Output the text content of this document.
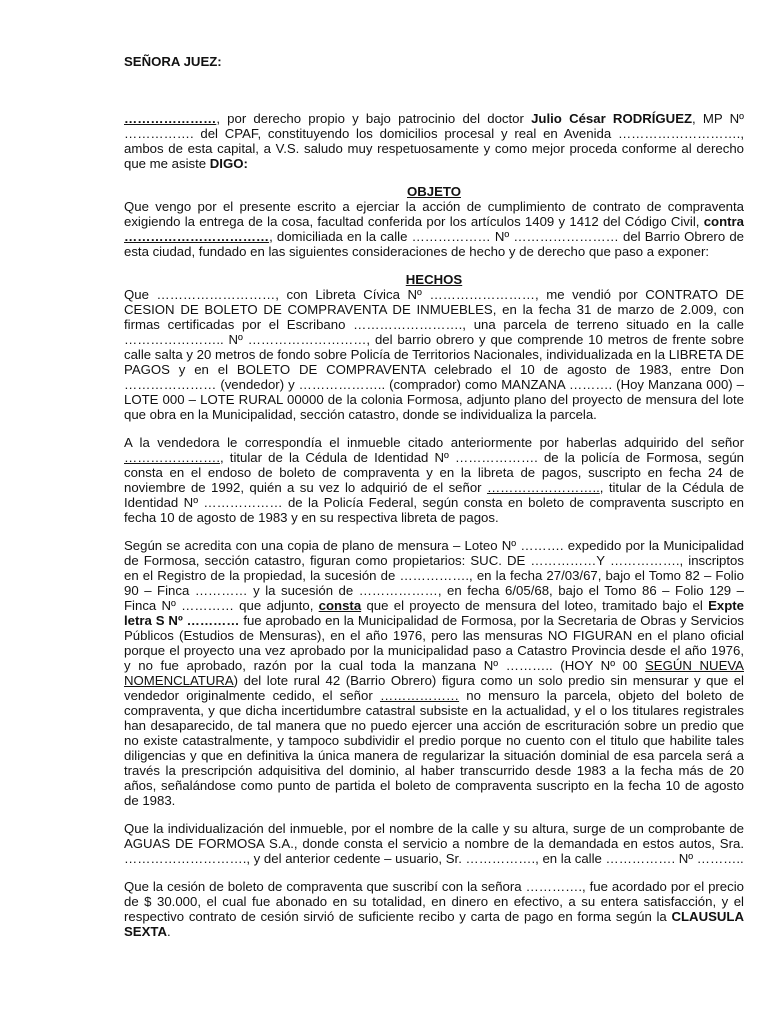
SEÑORA JUEZ:

…………………, por derecho propio y bajo patrocinio del doctor Julio César RODRÍGUEZ, MP Nº ……………. del CPAF, constituyendo los domicilios procesal y real en Avenida ………………………., ambos de esta capital, a V.S. saludo muy respetuosamente y como mejor proceda conforme al derecho que me asiste DIGO:

OBJETO

Que vengo por el presente escrito a ejerciar la acción de cumplimiento de contrato de compraventa exigiendo la entrega de la cosa, facultad conferida por los artículos 1409 y 1412 del Código Civil, contra ……………………………, domiciliada en la calle ……………… Nº …………………… del Barrio Obrero de esta ciudad, fundado en las siguientes consideraciones de hecho y de derecho que paso a exponer:

HECHOS

Que ………………………, con Libreta Cívica Nº ……………………, me vendió por CONTRATO DE CESION DE BOLETO DE COMPRAVENTA DE INMUEBLES, en la fecha 31 de marzo de 2.009, con firmas certificadas por el Escribano ……………………., una parcela de terreno situado en la calle ………………….. Nº ………………………, del barrio obrero y que comprende 10 metros de frente sobre calle salta y 20 metros de fondo sobre Policía de Territorios Nacionales, individualizada en la LIBRETA DE PAGOS y en el BOLETO DE COMPRAVENTA celebrado el 10 de agosto de 1983, entre Don ………………… (vendedor) y ……………….. (comprador) como MANZANA ………. (Hoy Manzana 000) – LOTE 000 – LOTE RURAL 00000 de la colonia Formosa, adjunto plano del proyecto de mensura del lote que obra en la Municipalidad, sección catastro, donde se individualiza la parcela.

A la vendedora le correspondía el inmueble citado anteriormente por haberlas adquirido del señor …………………., titular de la Cédula de Identidad Nº ………………. de la policía de Formosa, según consta en el endoso de boleto de compraventa y en la libreta de pagos, suscripto en fecha 24 de noviembre de 1992, quién a su vez lo adquirió de el señor …………………….., titular de la Cédula de Identidad Nº ……………… de la Policía Federal, según consta en boleto de compraventa suscripto en fecha 10 de agosto de 1983 y en su respectiva libreta de pagos.

Según se acredita con una copia de plano de mensura – Loteo Nº ………. expedido por la Municipalidad de Formosa, sección catastro, figuran como propietarios: SUC. DE ……………Y ……………., inscriptos en el Registro de la propiedad, la sucesión de ……………., en la fecha 27/03/67, bajo el Tomo 82 – Folio 90 – Finca ………… y la sucesión de ………………, en fecha 6/05/68, bajo el Tomo 86 – Folio 129 – Finca Nº ………… que adjunto, consta que el proyecto de mensura del loteo, tramitado bajo el Expte letra S Nº ………… fue aprobado en la Municipalidad de Formosa, por la Secretaria de Obras y Servicios Públicos (Estudios de Mensuras), en el año 1976, pero las mensuras NO FIGURAN en el plano oficial porque el proyecto una vez aprobado por la municipalidad paso a Catastro Provincia desde el año 1976, y no fue aprobado, razón por la cual toda la manzana Nº ……….. (HOY Nº 00 SEGÚN NUEVA NOMENCLATURA) del lote rural 42 (Barrio Obrero) figura como un solo predio sin mensurar y que el vendedor originalmente cedido, el señor ……………… no mensuro la parcela, objeto del boleto de compraventa, y que dicha incertidumbre catastral subsiste en la actualidad, y el o los titulares registrales han desaparecido, de tal manera que no puedo ejercer una acción de escrituración sobre un predio que no existe catastralmente, y tampoco subdividir el predio porque no cuento con el titulo que habilite tales diligencias y que en definitiva la única manera de regularizar la situación dominial de esa parcela será a través la prescripción adquisitiva del dominio, al haber transcurrido desde 1983 a la fecha más de 20 años, señalándose como punto de partida el boleto de compraventa suscripto en la fecha 10 de agosto de 1983.

Que la individualización del inmueble, por el nombre de la calle y su altura, surge de un comprobante de AGUAS DE FORMOSA S.A., donde consta el servicio a nombre de la demandada en estos autos, Sra. ………………………., y del anterior cedente – usuario, Sr. ……………., en la calle ……………. Nº ………..

Que la cesión de boleto de compraventa que suscribí con la señora …………., fue acordado por el precio de $ 30.000, el cual fue abonado en su totalidad, en dinero en efectivo, a su entera satisfacción, y el respectivo contrato de cesión sirvió de suficiente recibo y carta de pago en forma según la CLAUSULA SEXTA.
